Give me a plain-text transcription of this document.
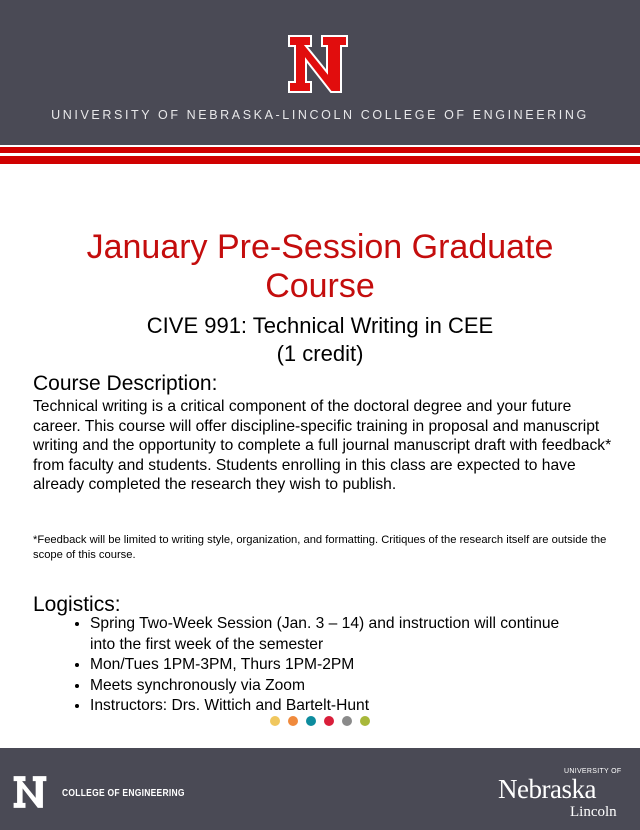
UNIVERSITY OF NEBRASKA-LINCOLN COLLEGE OF ENGINEERING
January Pre-Session Graduate
Course
CIVE 991: Technical Writing in CEE
(1 credit)
Course Description:
Technical writing is a critical component of the doctoral degree and your future career. This course will offer discipline-specific training in proposal and manuscript writing and the opportunity to complete a full journal manuscript draft with feedback* from faculty and students. Students enrolling in this class are expected to have already completed the research they wish to publish.
*Feedback will be limited to writing style, organization, and formatting. Critiques of the research itself are outside the scope of this course.
Logistics:
• Spring Two-Week Session (Jan. 3 – 14) and instruction will continue into the first week of the semester
• Mon/Tues 1PM-3PM, Thurs 1PM-2PM
• Meets synchronously via Zoom
• Instructors: Drs. Wittich and Bartelt-Hunt
COLLEGE OF ENGINEERING
UNIVERSITY OF
Nebraska
Lincoln
